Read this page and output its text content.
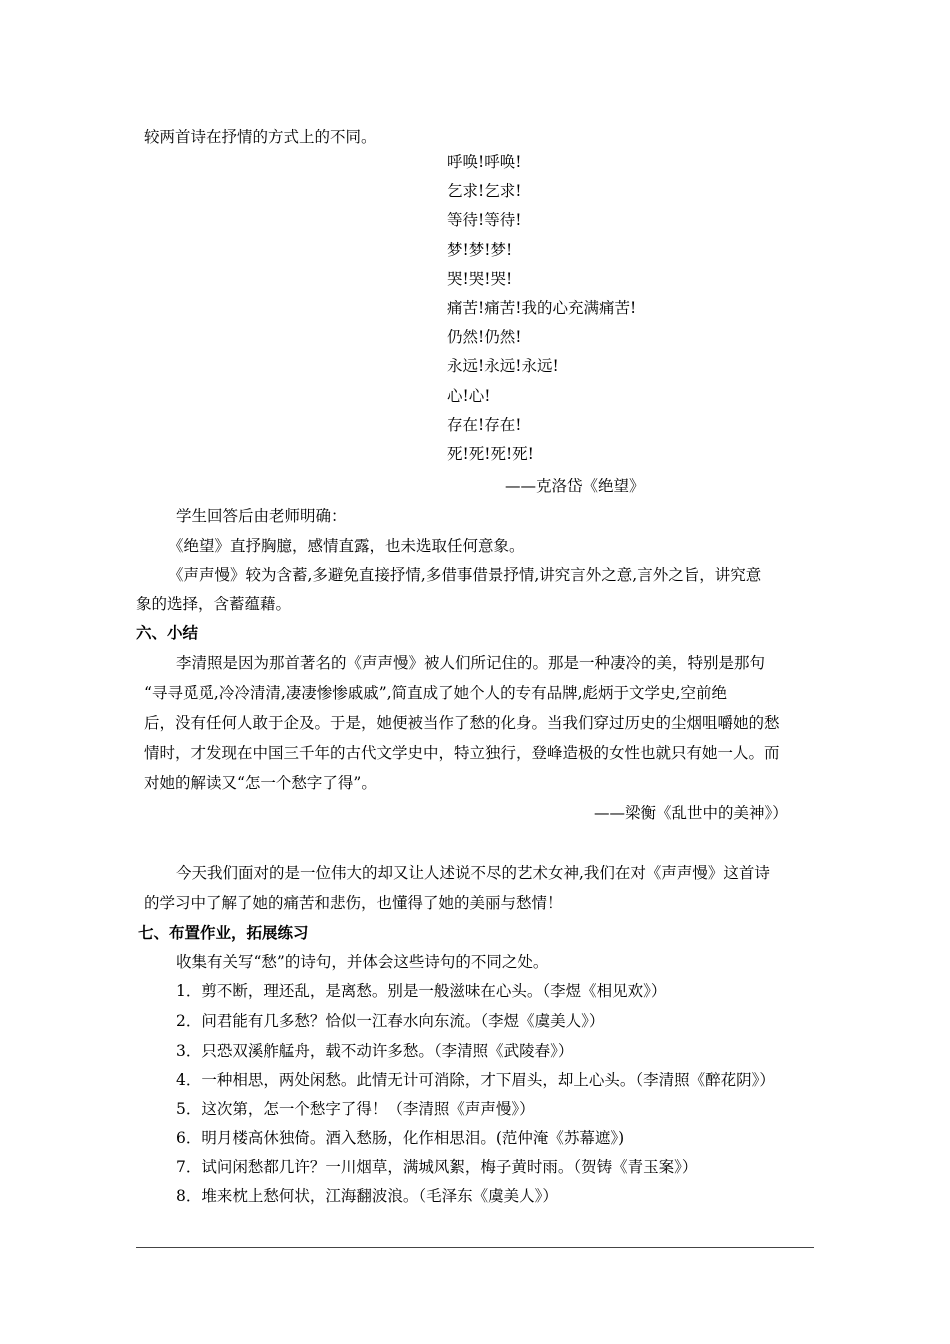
较两首诗在抒情的方式上的不同。
呼唤!呼唤!
乞求!乞求!
等待!等待!
梦!梦!梦!
哭!哭!哭!
痛苦!痛苦!我的心充满痛苦!
仍然!仍然!
永远!永远!永远!
心!心!
存在!存在!
死!死!死!死!
——克洛岱《绝望》
学生回答后由老师明确：
《绝望》直抒胸臆，感情直露，也未选取任何意象。
《声声慢》较为含蓄,多避免直接抒情,多借事借景抒情,讲究言外之意,言外之旨，讲究意
象的选择，含蓄蕴藉。
六、小结
李清照是因为那首著名的《声声慢》被人们所记住的。那是一种凄冷的美，特别是那句
“寻寻觅觅,冷冷清清,凄凄惨惨戚戚”,简直成了她个人的专有品牌,彪炳于文学史,空前绝
后，没有任何人敢于企及。于是，她便被当作了愁的化身。当我们穿过历史的尘烟咀嚼她的愁
情时，才发现在中国三千年的古代文学史中，特立独行，登峰造极的女性也就只有她一人。而
对她的解读又“怎一个愁字了得”。
——梁衡《乱世中的美神》）
今天我们面对的是一位伟大的却又让人述说不尽的艺术女神,我们在对《声声慢》这首诗
的学习中了解了她的痛苦和悲伤，也懂得了她的美丽与愁情！
七、布置作业，拓展练习
收集有关写“愁”的诗句，并体会这些诗句的不同之处。
1．剪不断，理还乱，是离愁。别是一般滋味在心头。（李煜《相见欢》）
2．问君能有几多愁？恰似一江春水向东流。（李煜《虞美人》）
3．只恐双溪舴艋舟，载不动许多愁。（李清照《武陵春》）
4．一种相思，两处闲愁。此情无计可消除，才下眉头，却上心头。（李清照《醉花阴》）
5．这次第，怎一个愁字了得！（李清照《声声慢》）
6．明月楼高休独倚。酒入愁肠，化作相思泪。(范仲淹《苏幕遮》)
7．试问闲愁都几许？一川烟草，满城风絮，梅子黄时雨。（贺铸《青玉案》）
8．堆来枕上愁何状，江海翻波浪。（毛泽东《虞美人》）
